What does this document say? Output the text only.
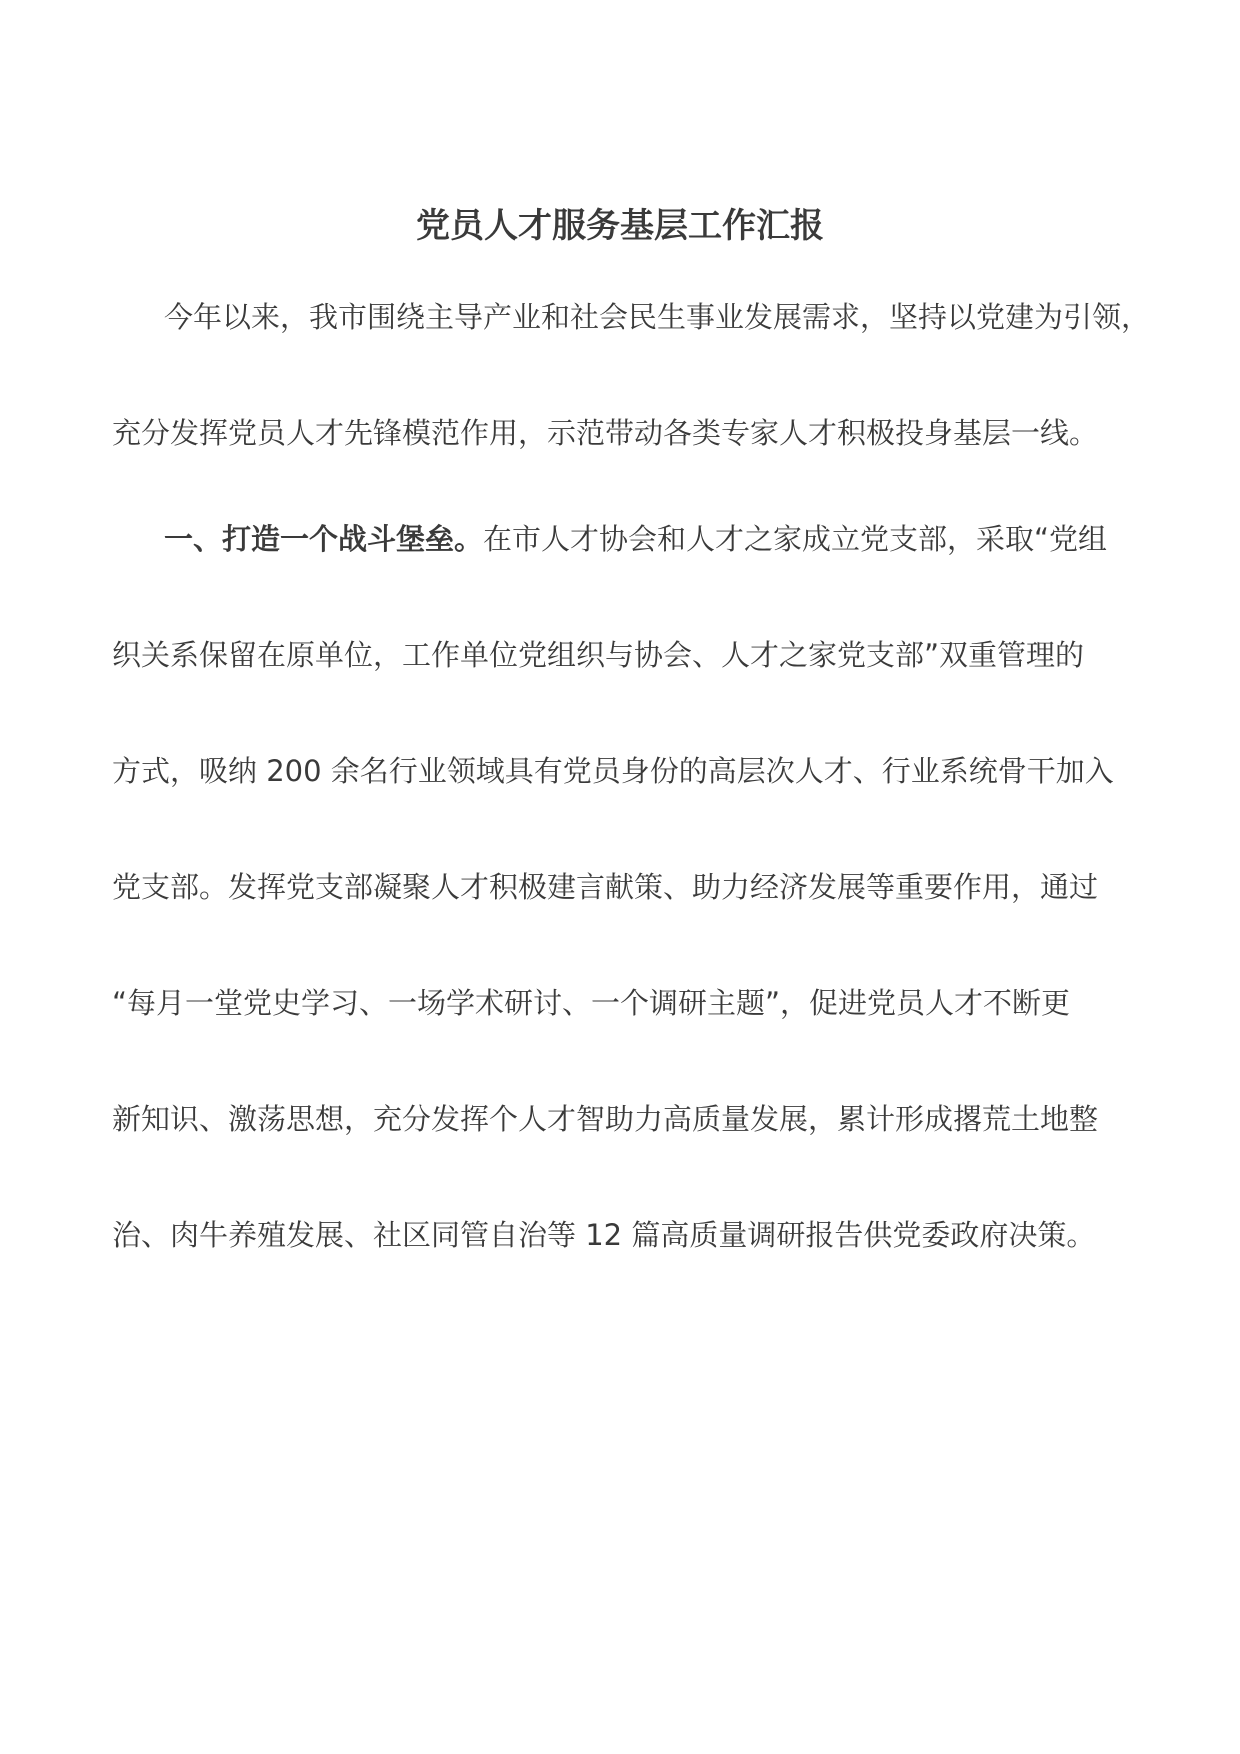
党员人才服务基层工作汇报
今年以来，我市围绕主导产业和社会民生事业发展需求，坚持以党建为引领，
充分发挥党员人才先锋模范作用，示范带动各类专家人才积极投身基层一线。
一、打造一个战斗堡垒。在市人才协会和人才之家成立党支部，采取“党组
织关系保留在原单位，工作单位党组织与协会、人才之家党支部”双重管理的
方式，吸纳 200 余名行业领域具有党员身份的高层次人才、行业系统骨干加入
党支部。发挥党支部凝聚人才积极建言献策、助力经济发展等重要作用，通过
“每月一堂党史学习、一场学术研讨、一个调研主题”，促进党员人才不断更
新知识、激荡思想，充分发挥个人才智助力高质量发展，累计形成撂荒土地整
治、肉牛养殖发展、社区同管自治等 12 篇高质量调研报告供党委政府决策。
